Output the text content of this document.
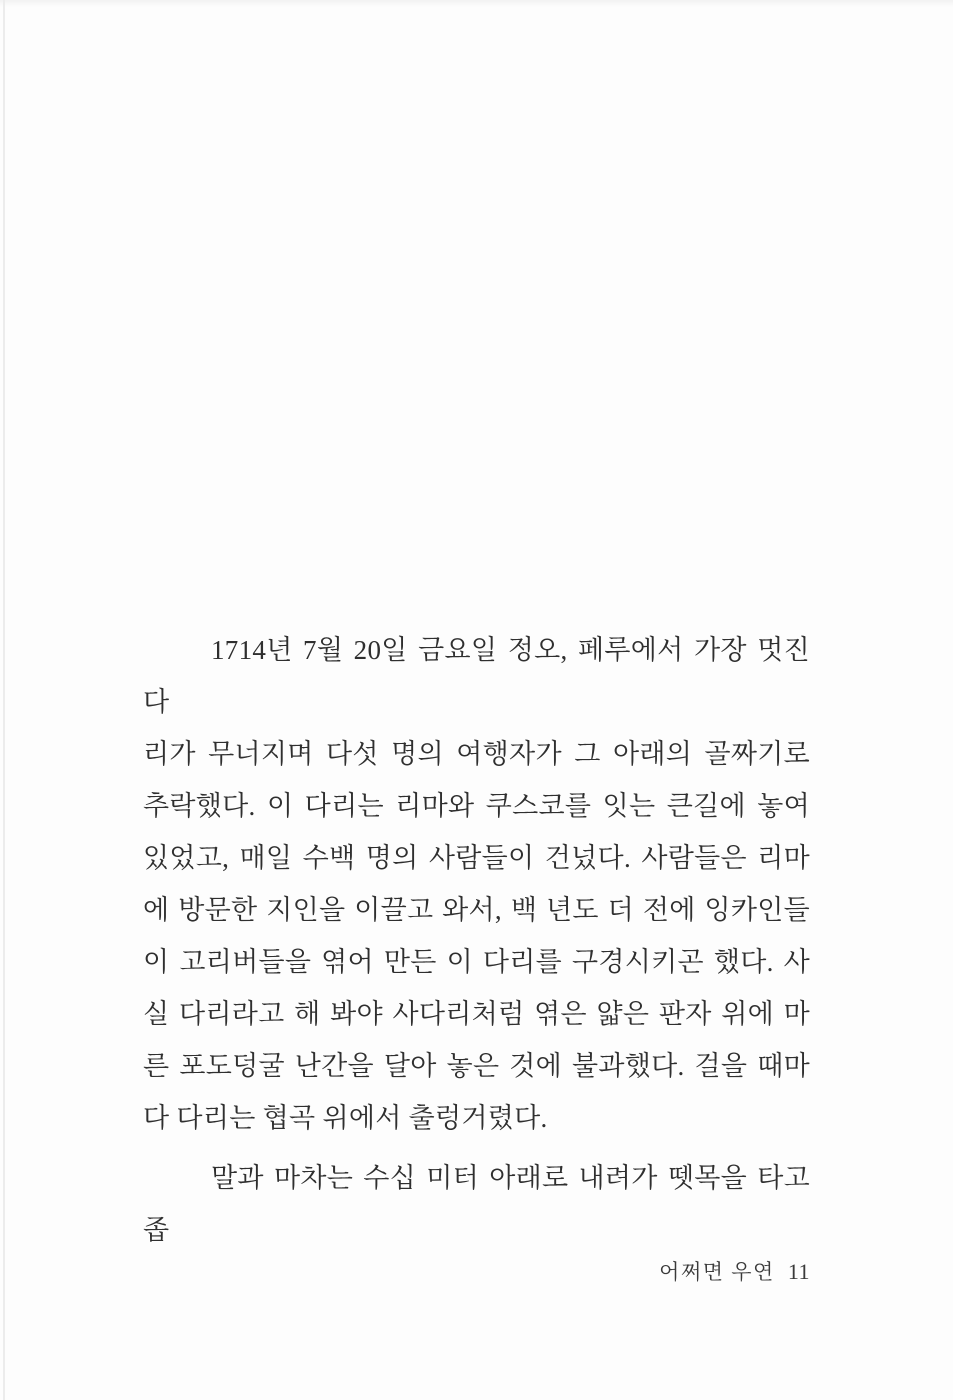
1714년 7월 20일 금요일 정오, 페루에서 가장 멋진 다
리가 무너지며 다섯 명의 여행자가 그 아래의 골짜기로
추락했다. 이 다리는 리마와 쿠스코를 잇는 큰길에 놓여
있었고, 매일 수백 명의 사람들이 건넜다. 사람들은 리마
에 방문한 지인을 이끌고 와서, 백 년도 더 전에 잉카인들
이 고리버들을 엮어 만든 이 다리를 구경시키곤 했다. 사
실 다리라고 해 봐야 사다리처럼 엮은 얇은 판자 위에 마
른 포도덩굴 난간을 달아 놓은 것에 불과했다. 걸을 때마
다 다리는 협곡 위에서 출렁거렸다.
말과 마차는 수십 미터 아래로 내려가 뗏목을 타고 좁
어쩌면 우연 11
